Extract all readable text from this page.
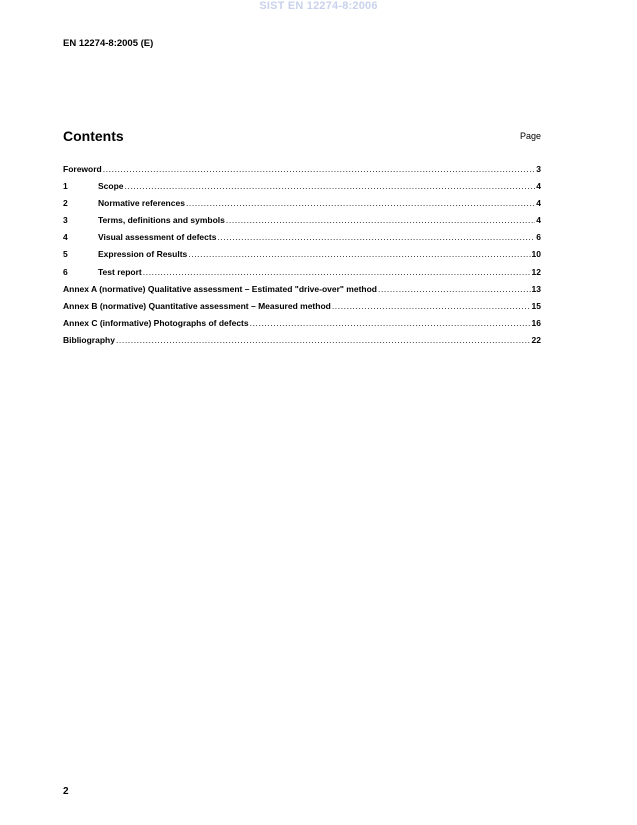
SIST EN 12274-8:2006
EN 12274-8:2005 (E)
Contents	Page
Foreword .....	3
1	Scope .....	4
2	Normative references .....	4
3	Terms, definitions and symbols .....	4
4	Visual assessment of defects .....	6
5	Expression of Results .....	10
6	Test report .....	12
Annex A (normative) Qualitative assessment – Estimated "drive-over" method .....	13
Annex B (normative) Quantitative assessment – Measured method .....	15
Annex C (informative) Photographs of defects .....	16
Bibliography .....	22
2
